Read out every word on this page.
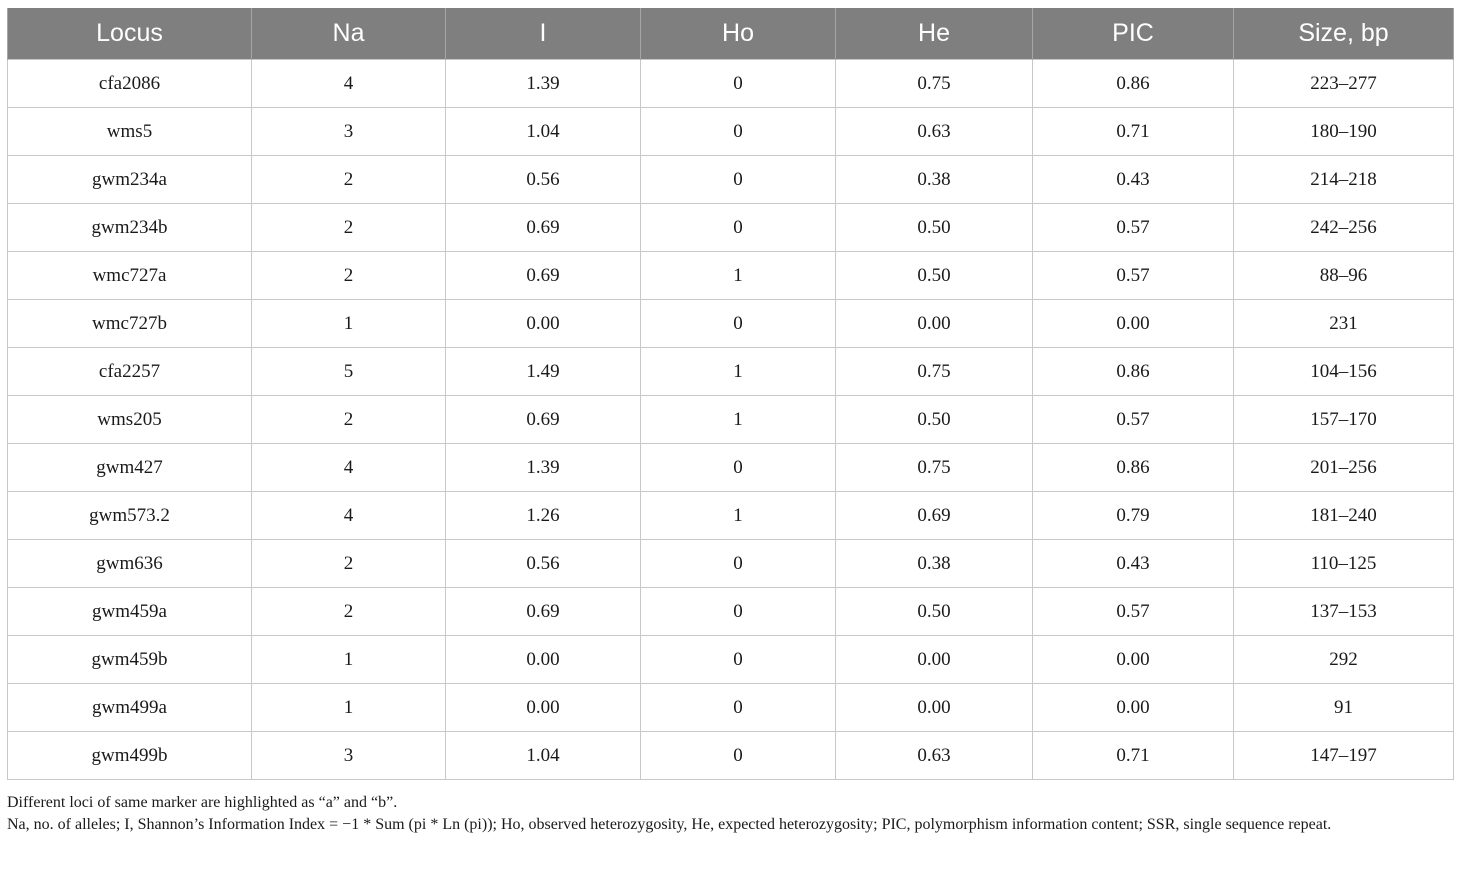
Locus	Na	I	Ho	He	PIC	Size, bp
cfa2086	4	1.39	0	0.75	0.86	223–277
wms5	3	1.04	0	0.63	0.71	180–190
gwm234a	2	0.56	0	0.38	0.43	214–218
gwm234b	2	0.69	0	0.50	0.57	242–256
wmc727a	2	0.69	1	0.50	0.57	88–96
wmc727b	1	0.00	0	0.00	0.00	231
cfa2257	5	1.49	1	0.75	0.86	104–156
wms205	2	0.69	1	0.50	0.57	157–170
gwm427	4	1.39	0	0.75	0.86	201–256
gwm573.2	4	1.26	1	0.69	0.79	181–240
gwm636	2	0.56	0	0.38	0.43	110–125
gwm459a	2	0.69	0	0.50	0.57	137–153
gwm459b	1	0.00	0	0.00	0.00	292
gwm499a	1	0.00	0	0.00	0.00	91
gwm499b	3	1.04	0	0.63	0.71	147–197

Different loci of same marker are highlighted as “a” and “b”.

Na, no. of alleles; I, Shannon’s Information Index = −1 * Sum (pi * Ln (pi)); Ho, observed heterozygosity, He, expected heterozygosity; PIC, polymorphism information content; SSR, single sequence repeat.
